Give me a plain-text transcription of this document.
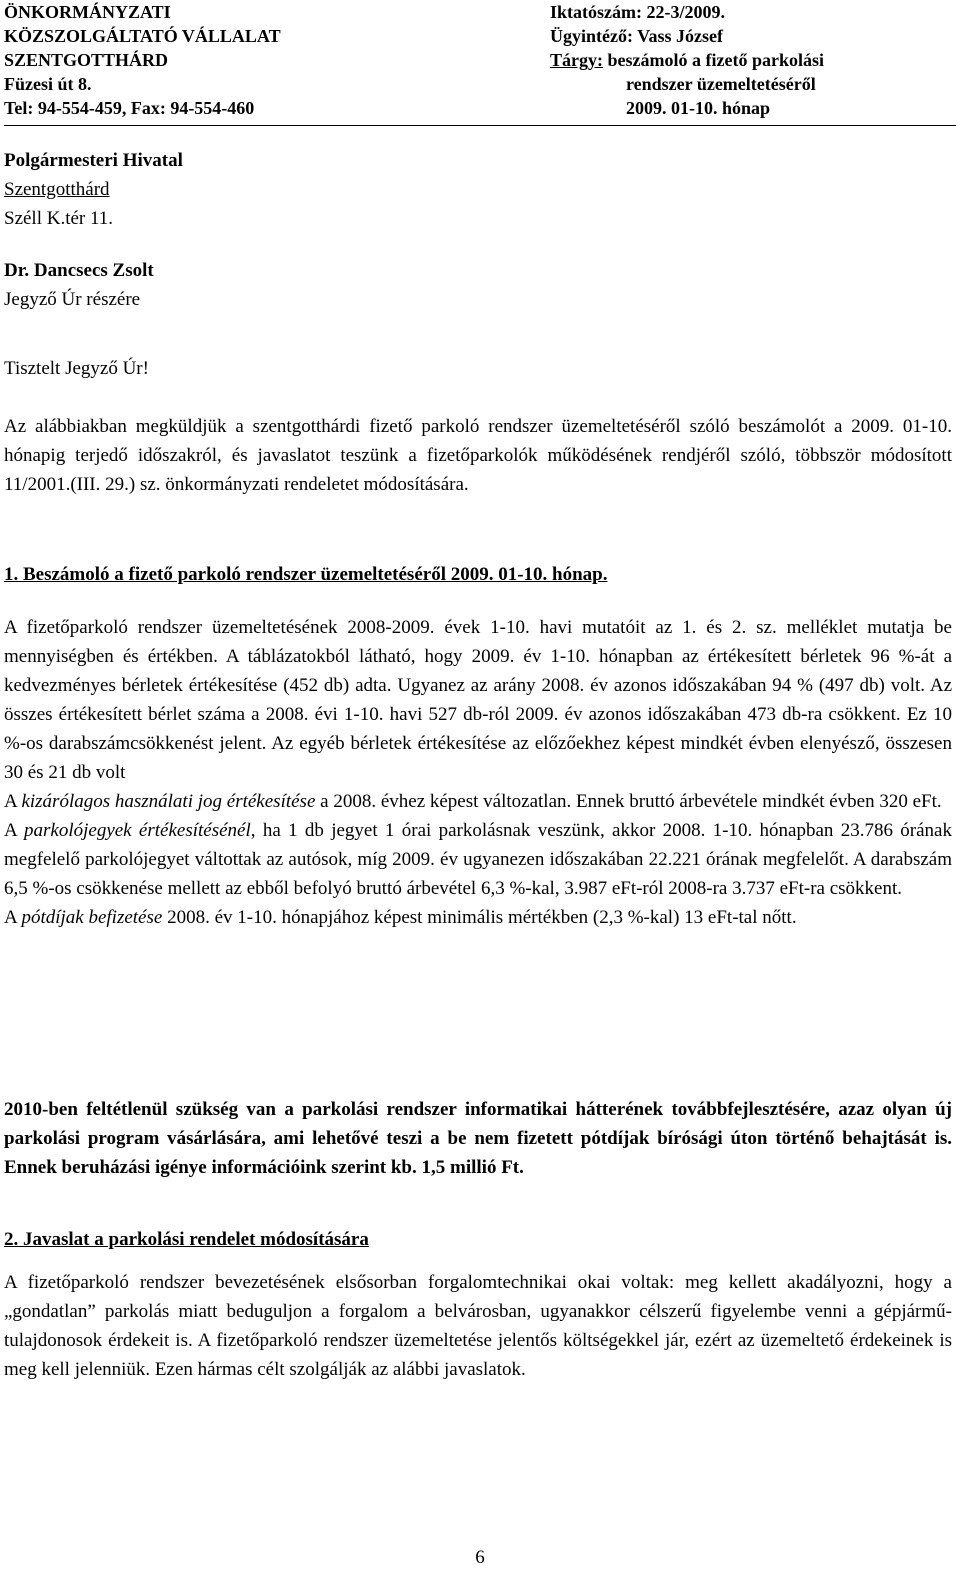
ÖNKORMÁNYZATI
KÖZSZOLGÁLTATÓ VÁLLALAT
SZENTGOTTHÁRD
Füzesi út 8.
Tel: 94-554-459, Fax: 94-554-460
Iktatószám: 22-3/2009.
Ügyintéző: Vass József
Tárgy: beszámoló a fizető parkolási
rendszer üzemeltetéséről
2009. 01-10. hónap
Polgármesteri Hivatal
Szentgotthárd
Széll K.tér 11.
Dr. Dancsecs Zsolt
Jegyző Úr részére
Tisztelt Jegyző Úr!
Az alábbiakban megküldjük a szentgotthárdi fizető parkoló rendszer üzemeltetéséről szóló beszámolót a 2009. 01-10. hónapig terjedő időszakról, és javaslatot teszünk a fizetőparkolók működésének rendjéről szóló, többször módosított 11/2001.(III. 29.) sz. önkormányzati rendeletet módosítására.
1. Beszámoló a fizető parkoló rendszer üzemeltetéséről 2009. 01-10. hónap.

A fizetőparkoló rendszer üzemeltetésének 2008-2009. évek 1-10. havi mutatóit az 1. és 2. sz. melléklet mutatja be mennyiségben és értékben. A táblázatokból látható, hogy 2009. év 1-10. hónapban az értékesített bérletek 96 %-át a kedvezményes bérletek értékesítése (452 db) adta. Ugyanez az arány 2008. év azonos időszakában 94 % (497 db) volt. Az összes értékesített bérlet száma a 2008. évi 1-10. havi 527 db-ról 2009. év azonos időszakában 473 db-ra csökkent. Ez 10 %-os darabszámcsökkenést jelent. Az egyéb bérletek értékesítése az előzőekhez képest mindkét évben elenyésző, összesen 30 és 21 db volt

A kizárólagos használati jog értékesítése a 2008. évhez képest változatlan. Ennek bruttó árbevétele mindkét évben 320 eFt.

A parkolójegyek értékesítésénél, ha 1 db jegyet 1 órai parkolásnak veszünk, akkor 2008. 1-10. hónapban 23.786 órának megfelelő parkolójegyet váltottak az autósok, míg 2009. év ugyanezen időszakában 22.221 órának megfelelőt. A darabszám 6,5 %-os csökkenése mellett az ebből befolyó bruttó árbevétel 6,3 %-kal, 3.987 eFt-ról 2008-ra 3.737 eFt-ra csökkent.

A pótdíjak befizetése 2008. év 1-10. hónapjához képest minimális mértékben (2,3 %-kal) 13 eFt-tal nőtt.

2010-ben feltétlenül szükség van a parkolási rendszer informatikai hátterének továbbfejlesztésére, azaz olyan új parkolási program vásárlására, ami lehetővé teszi a be nem fizetett pótdíjak bírósági úton történő behajtását is. Ennek beruházási igénye információink szerint kb. 1,5 millió Ft.
2. Javaslat a parkolási rendelet módosítására
A fizetőparkoló rendszer bevezetésének elsősorban forgalomtechnikai okai voltak: meg kellett akadályozni, hogy a „gondatlan” parkolás miatt beduguljon a forgalom a belvárosban, ugyanakkor célszerű figyelembe venni a gépjármű-tulajdonosok érdekeit is. A fizetőparkoló rendszer üzemeltetése jelentős költségekkel jár, ezért az üzemeltető érdekeinek is meg kell jelenniük. Ezen hármas célt szolgálják az alábbi javaslatok.
6
